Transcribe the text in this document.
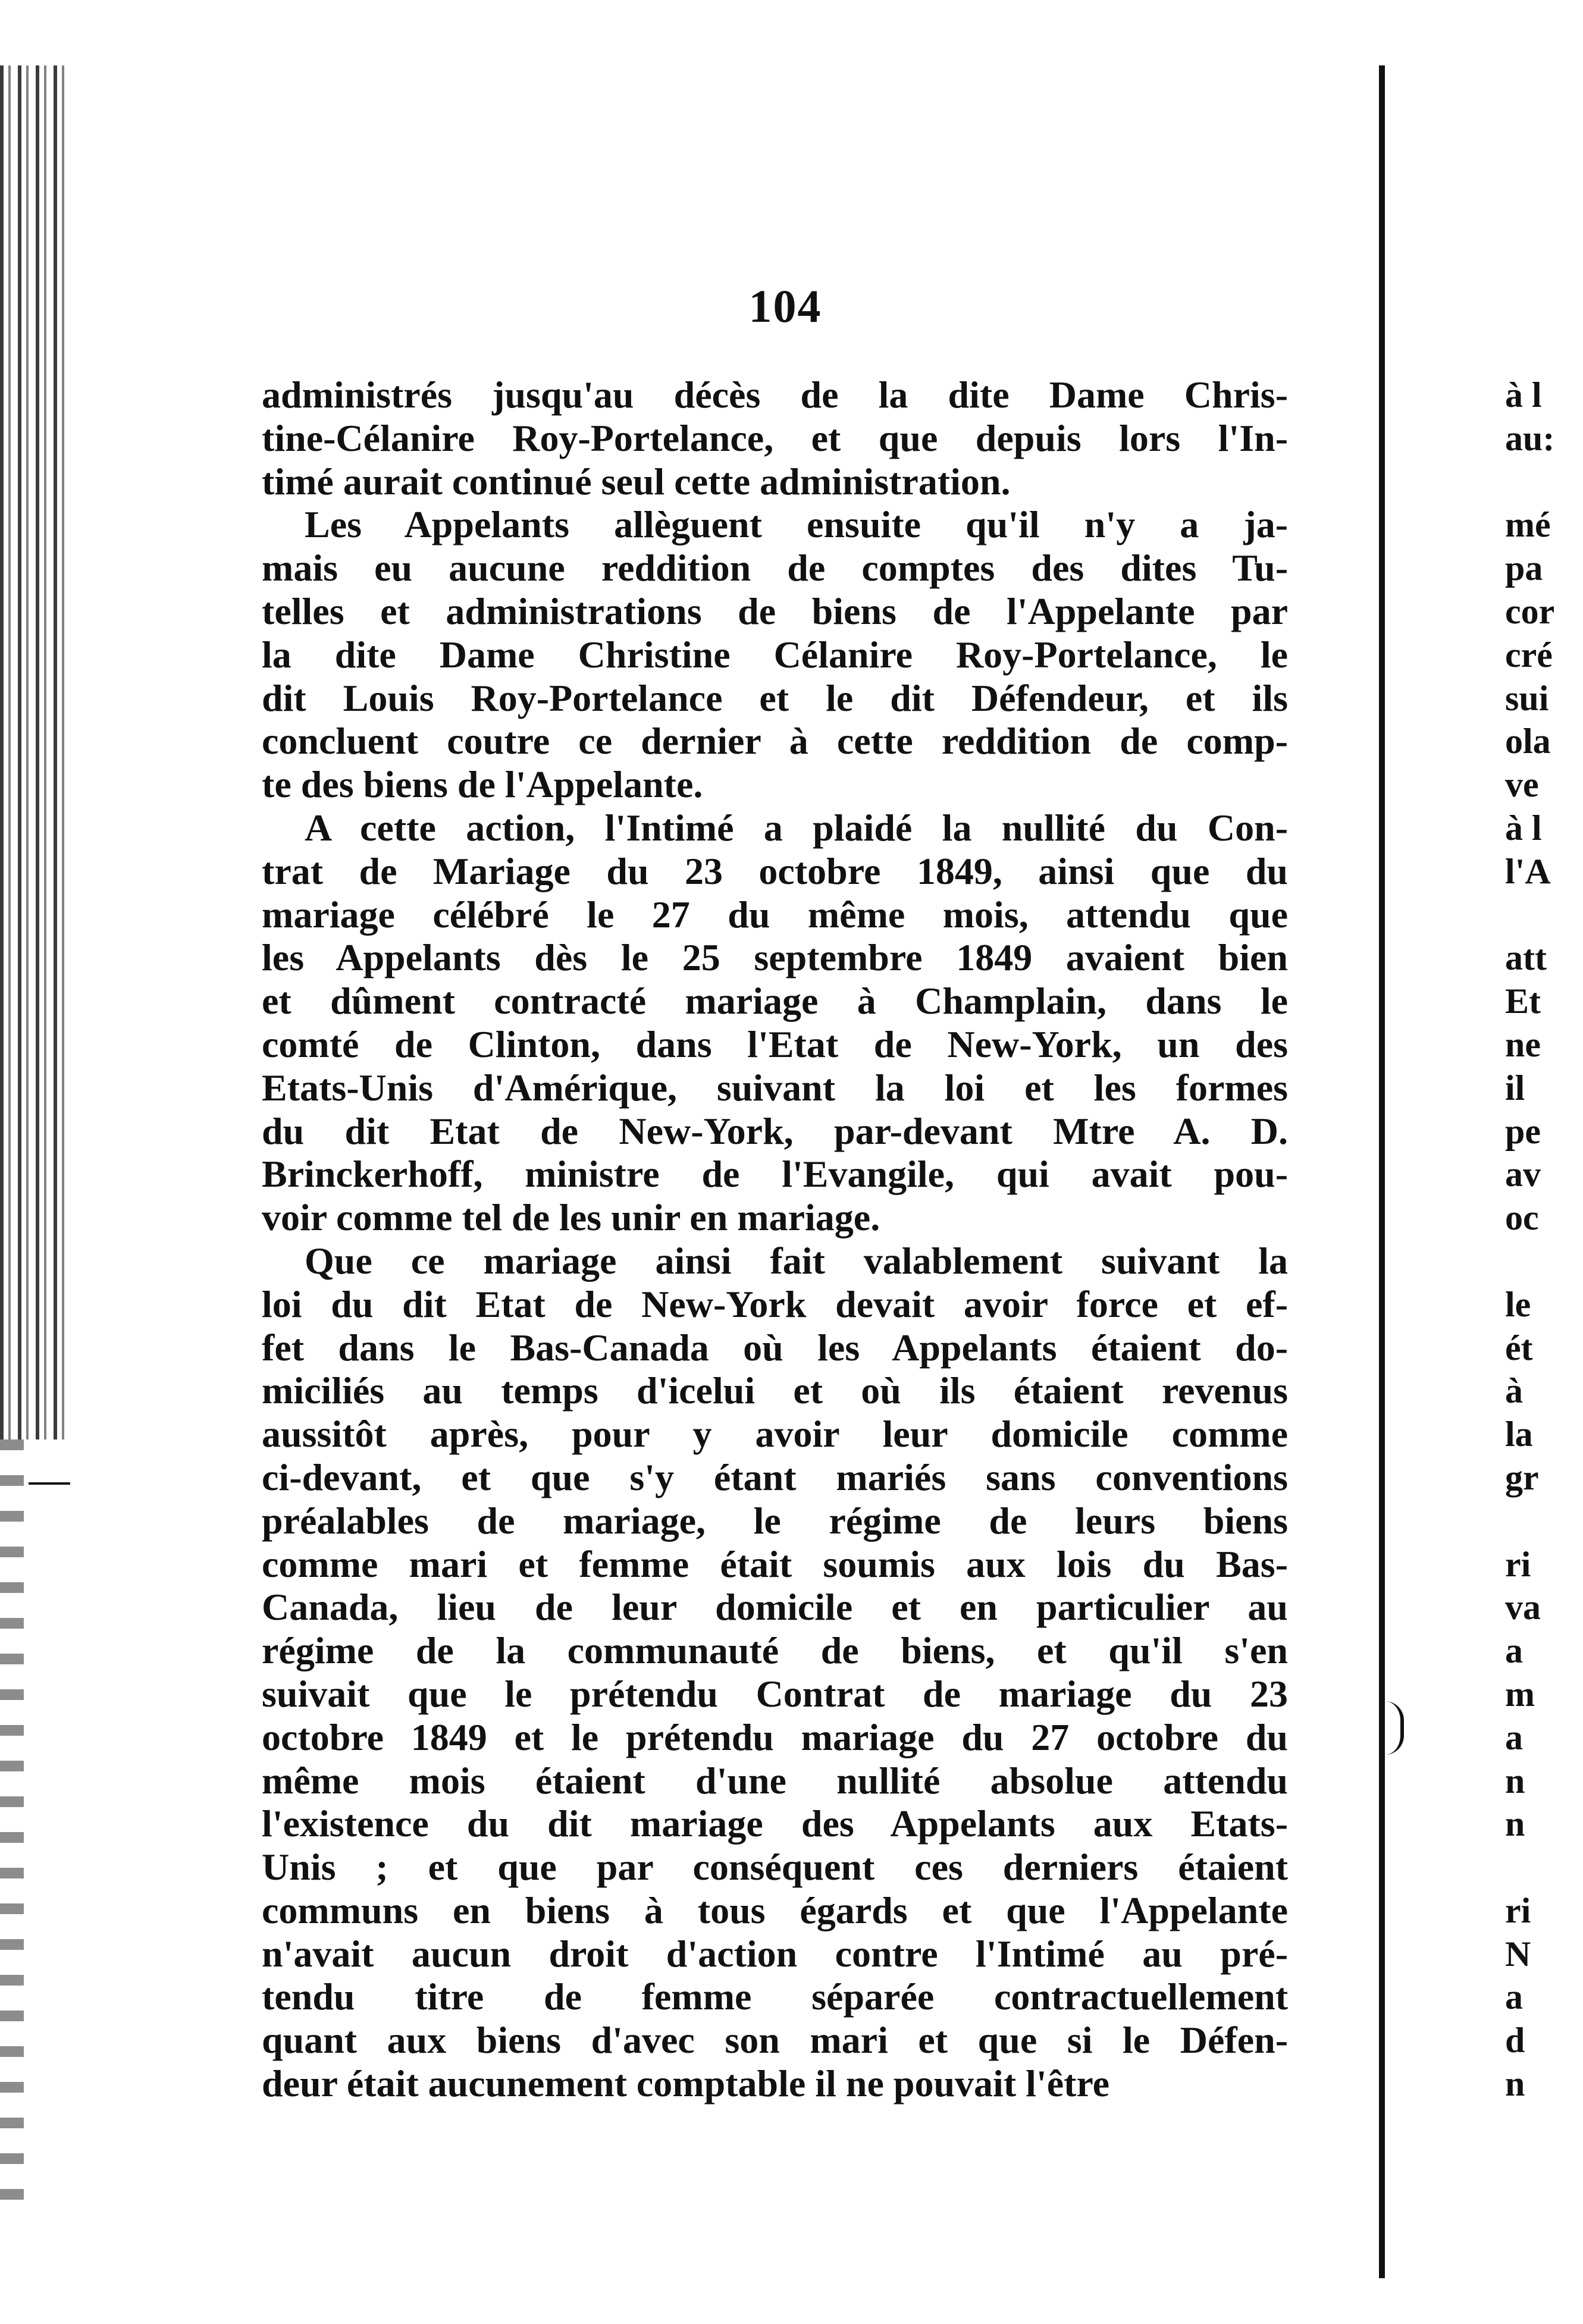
104
administrés jusqu'au décès de la dite Dame Chris-
tine-Célanire Roy-Portelance, et que depuis lors l'In-
timé aurait continué seul cette administration.
Les Appelants allèguent ensuite qu'il n'y a ja-
mais eu aucune reddition de comptes des dites Tu-
telles et administrations de biens de l'Appelante par
la dite Dame Christine Célanire Roy-Portelance, le
dit Louis Roy-Portelance et le dit Défendeur, et ils
concluent coutre ce dernier à cette reddition de comp-
te des biens de l'Appelante.
A cette action, l'Intimé a plaidé la nullité du Con-
trat de Mariage du 23 octobre 1849, ainsi que du
mariage célébré le 27 du même mois, attendu que
les Appelants dès le 25 septembre 1849 avaient bien
et dûment contracté mariage à Champlain, dans le
comté de Clinton, dans l'Etat de New-York, un des
Etats-Unis d'Amérique, suivant la loi et les formes
du dit Etat de New-York, par-devant Mtre A. D.
Brinckerhoff, ministre de l'Evangile, qui avait pou-
voir comme tel de les unir en mariage.
Que ce mariage ainsi fait valablement suivant la
loi du dit Etat de New-York devait avoir force et ef-
fet dans le Bas-Canada où les Appelants étaient do-
miciliés au temps d'icelui et où ils étaient revenus
aussitôt après, pour y avoir leur domicile comme
ci-devant, et que s'y étant mariés sans conventions
préalables de mariage, le régime de leurs biens
comme mari et femme était soumis aux lois du Bas-
Canada, lieu de leur domicile et en particulier au
régime de la communauté de biens, et qu'il s'en
suivait que le prétendu Contrat de mariage du 23
octobre 1849 et le prétendu mariage du 27 octobre du
même mois étaient d'une nullité absolue attendu
l'existence du dit mariage des Appelants aux Etats-
Unis ; et que par conséquent ces derniers étaient
communs en biens à tous égards et que l'Appelante
n'avait aucun droit d'action contre l'Intimé au pré-
tendu titre de femme séparée contractuellement
quant aux biens d'avec son mari et que si le Défen-
deur était aucunement comptable il ne pouvait l'être
à l
au:
mé
pa
cor
cré
sui
ola
ve
à l
l'A
att
Et
ne
il
pe
av
oc
le
ét
à
la
gr
ri
va
a
m
a
n
n
ri
N
a
d
n
